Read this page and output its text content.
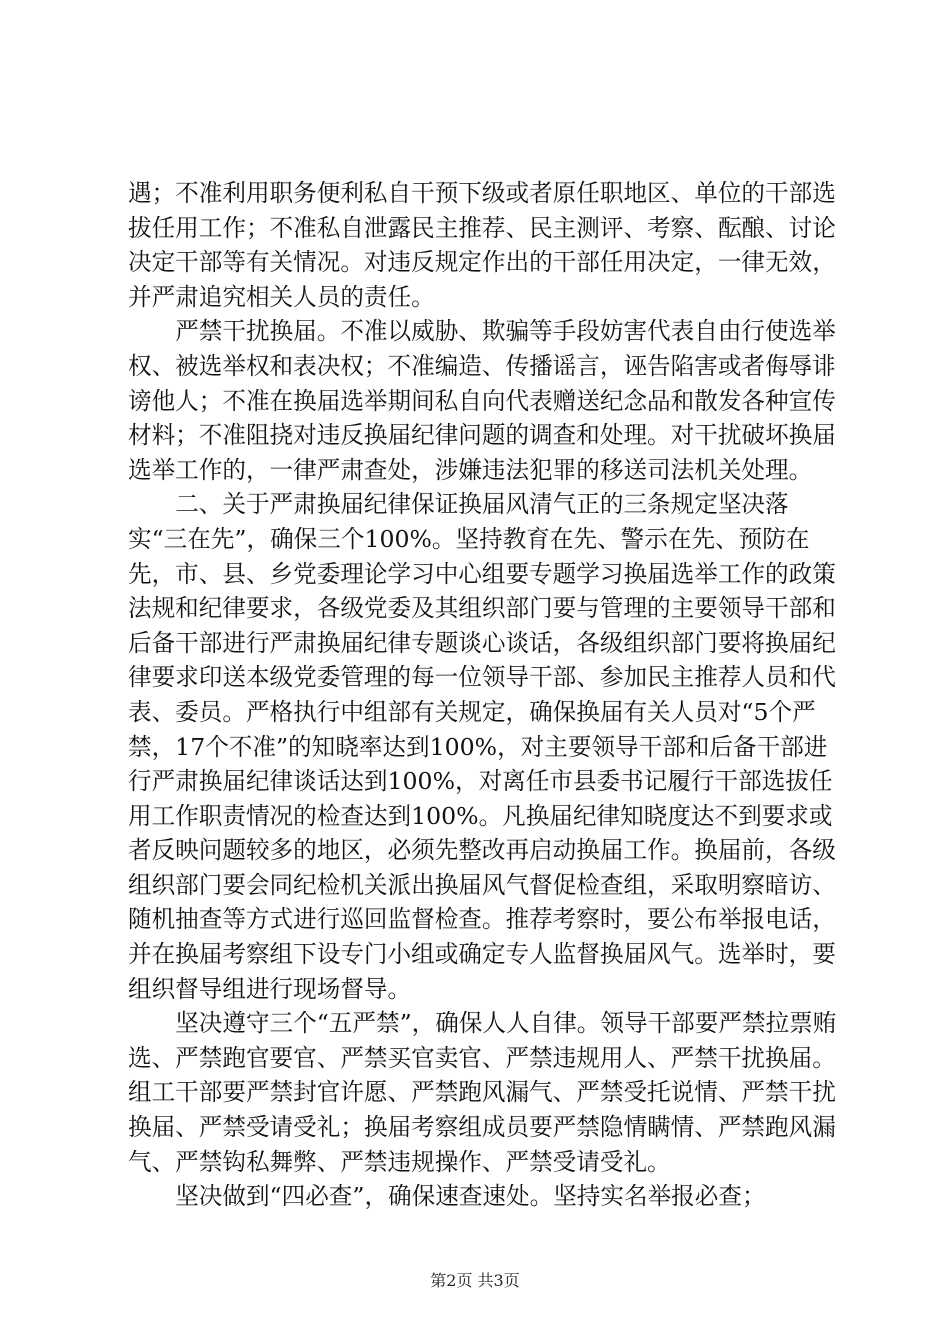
遇；不准利用职务便利私自干预下级或者原任职地区、单位的干部选拔任用工作；不准私自泄露民主推荐、民主测评、考察、酝酿、讨论决定干部等有关情况。对违反规定作出的干部任用决定，一律无效，并严肃追究相关人员的责任。

严禁干扰换届。不准以威胁、欺骗等手段妨害代表自由行使选举权、被选举权和表决权；不准编造、传播谣言，诬告陷害或者侮辱诽谤他人；不准在换届选举期间私自向代表赠送纪念品和散发各种宣传材料；不准阻挠对违反换届纪律问题的调查和处理。对干扰破坏换届选举工作的，一律严肃查处，涉嫌违法犯罪的移送司法机关处理。

二、关于严肃换届纪律保证换届风清气正的三条规定坚决落实“三在先”，确保三个100%。坚持教育在先、警示在先、预防在先，市、县、乡党委理论学习中心组要专题学习换届选举工作的政策法规和纪律要求，各级党委及其组织部门要与管理的主要领导干部和后备干部进行严肃换届纪律专题谈心谈话，各级组织部门要将换届纪律要求印送本级党委管理的每一位领导干部、参加民主推荐人员和代表、委员。严格执行中组部有关规定，确保换届有关人员对“5个严禁，17个不准”的知晓率达到100%，对主要领导干部和后备干部进行严肃换届纪律谈话达到100%，对离任市县委书记履行干部选拔任用工作职责情况的检查达到100%。凡换届纪律知晓度达不到要求或者反映问题较多的地区，必须先整改再启动换届工作。换届前，各级组织部门要会同纪检机关派出换届风气督促检查组，采取明察暗访、随机抽查等方式进行巡回监督检查。推荐考察时，要公布举报电话，并在换届考察组下设专门小组或确定专人监督换届风气。选举时，要组织督导组进行现场督导。

坚决遵守三个“五严禁”，确保人人自律。领导干部要严禁拉票贿选、严禁跑官要官、严禁买官卖官、严禁违规用人、严禁干扰换届。组工干部要严禁封官许愿、严禁跑风漏气、严禁受托说情、严禁干扰换届、严禁受请受礼；换届考察组成员要严禁隐情瞒情、严禁跑风漏气、严禁钩私舞弊、严禁违规操作、严禁受请受礼。

坚决做到“四必查”，确保速查速处。坚持实名举报必查；

第2页 共3页
